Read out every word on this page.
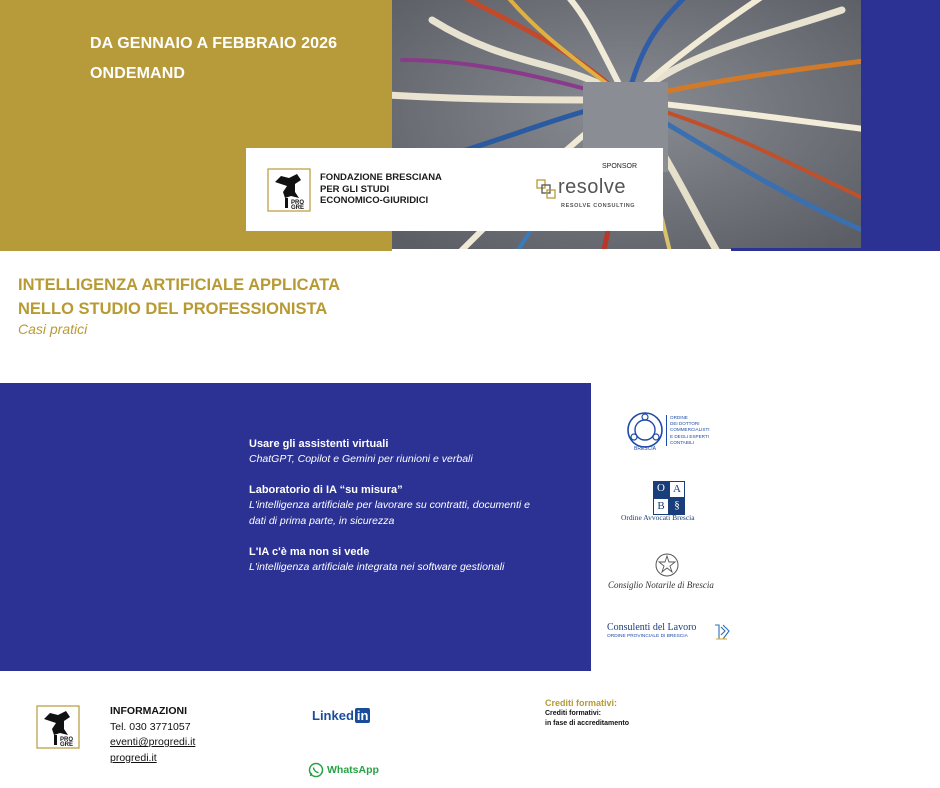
DA GENNAIO A FEBBRAIO 2026
ONDEMAND
PRO
GRE
FONDAZIONE BRESCIANA
PER GLI STUDI
ECONOMICO-GIURIDICI
SPONSOR
resolve
RESOLVE CONSULTING
INTELLIGENZA ARTIFICIALE APPLICATA
NELLO STUDIO DEL PROFESSIONISTA
Casi pratici
Usare gli assistenti virtuali
ChatGPT, Copilot e Gemini per riunioni e verbali
Laboratorio di IA “su misura”
L'intelligenza artificiale per lavorare su contratti, documenti e dati di prima parte, in sicurezza
L'IA c'è ma non si vede
L'intelligenza artificiale integrata nei software gestionali
BRESCIA
ORDINE
DEI DOTTORI
COMMERCIALISTI
E DEGLI ESPERTI
CONTABILI
O A
B §
Ordine Avvocati Brescia
Consiglio Notarile di Brescia
Consulenti del Lavoro
ORDINE PROVINCIALE DI BRESCIA
PRO
GRE
INFORMAZIONI
Tel. 030 3771057
eventi@progredi.it
progredi.it
Linked in
WhatsApp
Crediti formativi:
Crediti formativi:
in fase di accreditamento
